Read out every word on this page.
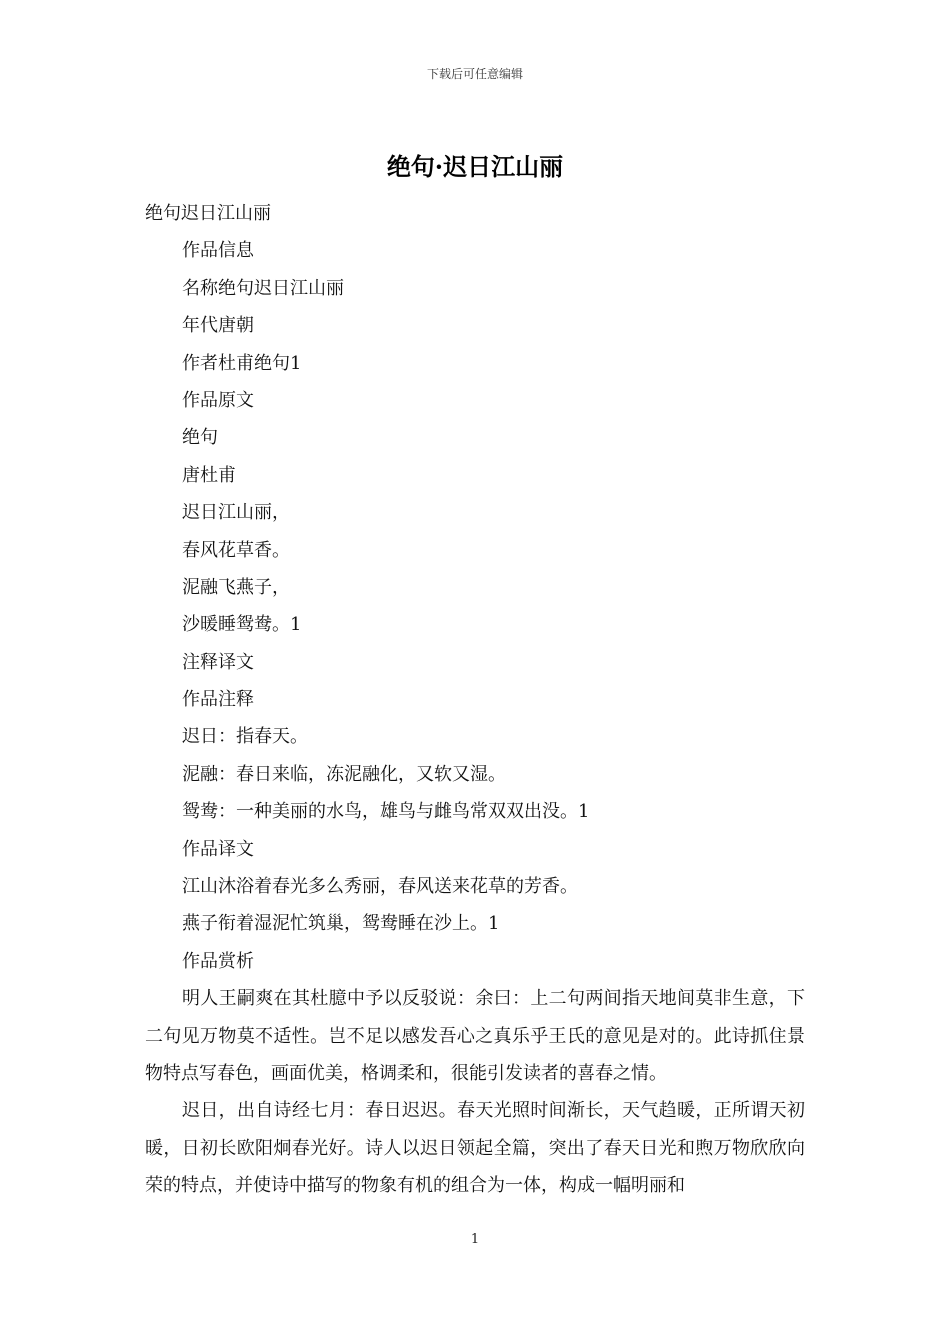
下载后可任意编辑
绝句·迟日江山丽
绝句迟日江山丽
作品信息
名称绝句迟日江山丽
年代唐朝
作者杜甫绝句1
作品原文
绝句
唐杜甫
迟日江山丽，
春风花草香。
泥融飞燕子，
沙暖睡鸳鸯。1
注释译文
作品注释
迟日：指春天。
泥融：春日来临，冻泥融化，又软又湿。
鸳鸯：一种美丽的水鸟，雄鸟与雌鸟常双双出没。1
作品译文
江山沐浴着春光多么秀丽，春风送来花草的芳香。
燕子衔着湿泥忙筑巢，鸳鸯睡在沙上。1
作品赏析
明人王嗣爽在其杜臆中予以反驳说：余曰：上二句两间指天地间莫非生意，下二句见万物莫不适性。岂不足以感发吾心之真乐乎王氏的意见是对的。此诗抓住景物特点写春色，画面优美，格调柔和，很能引发读者的喜春之情。
迟日，出自诗经七月：春日迟迟。春天光照时间渐长，天气趋暖，正所谓天初暖，日初长欧阳炯春光好。诗人以迟日领起全篇，突出了春天日光和煦万物欣欣向荣的特点，并使诗中描写的物象有机的组合为一体，构成一幅明丽和
1
